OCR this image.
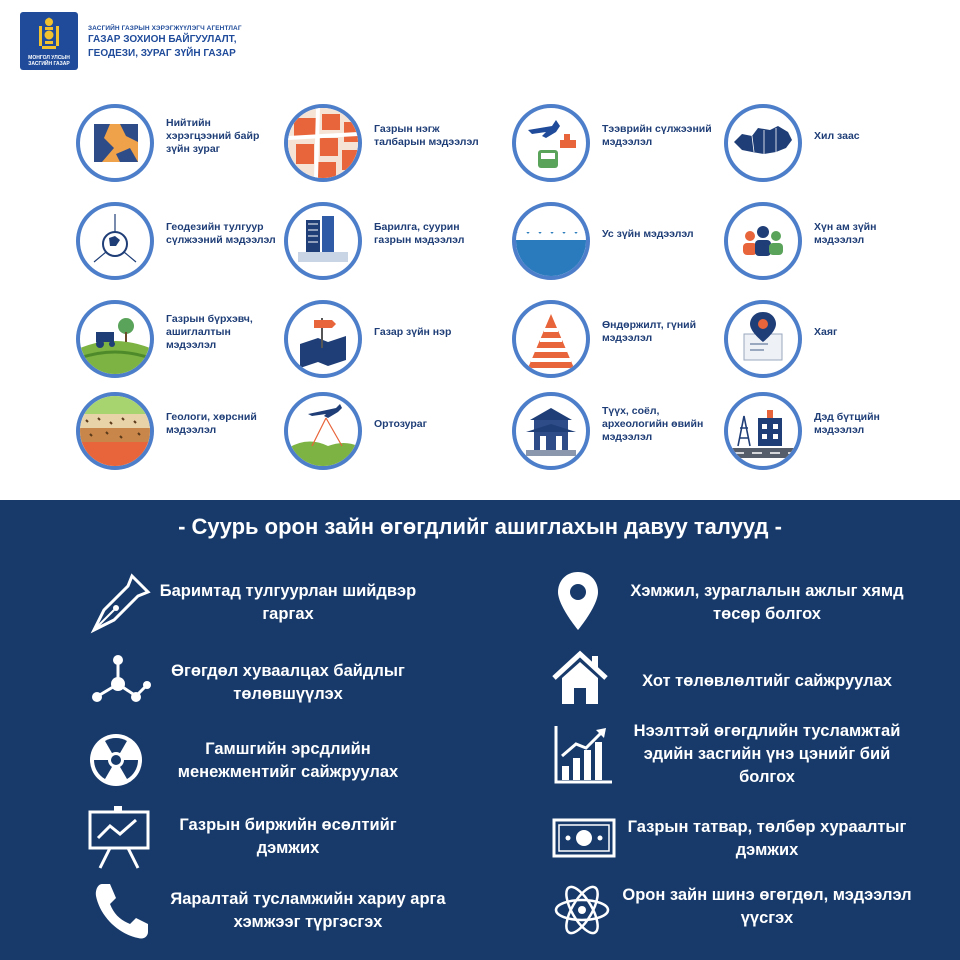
МОНГОЛ УЛСЫН ЗАСГИЙН ГАЗАР
ЗАСГИЙН ГАЗРЫН ХЭРЭГЖҮҮЛЭГЧ АГЕНТЛАГ
ГАЗАР ЗОХИОН БАЙГУУЛАЛТ,
ГЕОДЕЗИ, ЗУРАГ ЗҮЙН ГАЗАР
Нийтийн хэрэгцээний байр зүйн зураг
Газрын нэгж талбарын мэдээлэл
Тээврийн сүлжээний мэдээлэл
Хил заас
Геодезийн тулгуур сүлжээний мэдээлэл
Барилга, суурин газрын мэдээлэл
Ус зүйн мэдээлэл
Хүн ам зүйн мэдээлэл
Газрын бүрхэвч, ашиглалтын мэдээлэл
Газар зүйн нэр
Өндөржилт, гүний мэдээлэл
Хаяг
Геологи, хөрсний мэдээлэл
Ортозураг
Түүх, соёл, археологийн өвийн мэдээлэл
Дэд бүтцийн мэдээлэл
- Суурь орон зайн өгөгдлийг ашиглахын давуу талууд -
Баримтад тулгуурлан шийдвэр гаргах
Өгөгдөл хуваалцах байдлыг төлөвшүүлэх
Гамшгийн эрсдлийн менежментийг сайжруулах
Газрын биржийн өсөлтийг дэмжих
Яаралтай тусламжийн хариу арга хэмжээг түргэсгэх
Хэмжил, зураглалын ажлыг хямд төсөр болгох
Хот төлөвлөлтийг сайжруулах
Нээлттэй өгөгдлийн тусламжтай эдийн засгийн үнэ цэнийг бий болгох
Газрын татвар, төлбөр хураалтыг дэмжих
Орон зайн шинэ өгөгдөл, мэдээлэл үүсгэх
